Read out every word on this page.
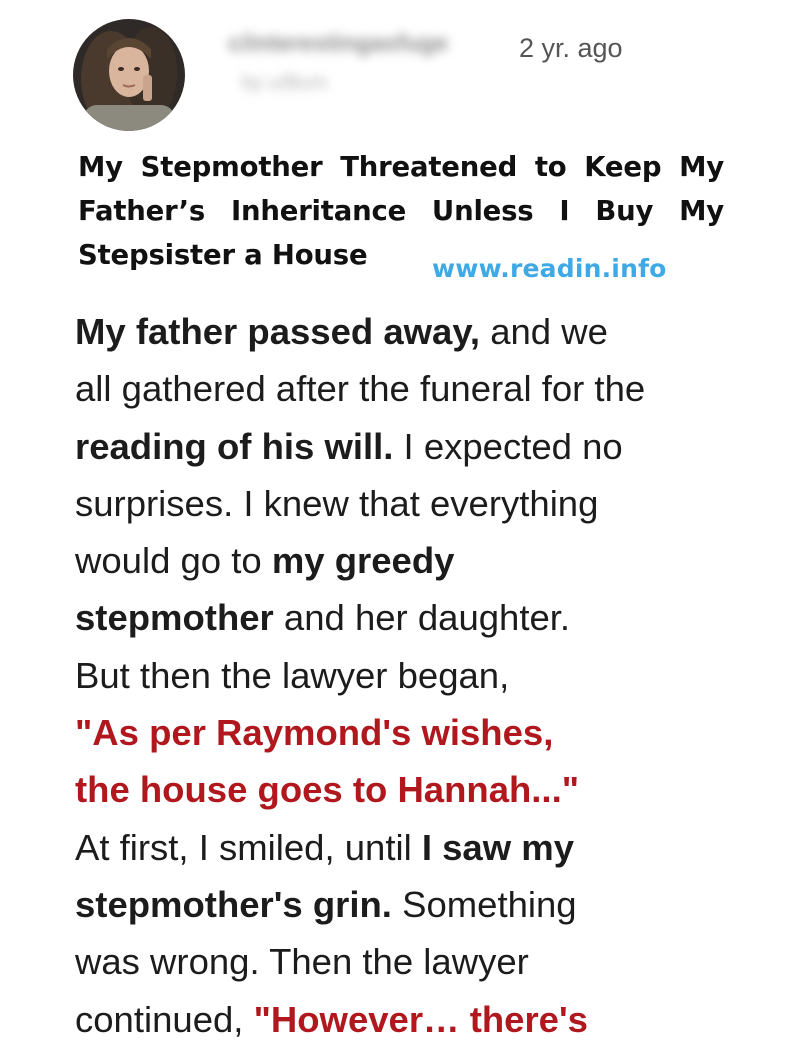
c/interestingasfuge
by u/Burn
2 yr. ago
My Stepmother Threatened to Keep My
Father’s Inheritance Unless I Buy My
Stepsister a House	www.readin.info
My father passed away, and we
all gathered after the funeral for the
reading of his will. I expected no
surprises. I knew that everything
would go to my greedy
stepmother and her daughter.
But then the lawyer began,
"As per Raymond's wishes,
the house goes to Hannah..."
At first, I smiled, until I saw my
stepmother's grin. Something
was wrong. Then the lawyer
continued, "However… there's
